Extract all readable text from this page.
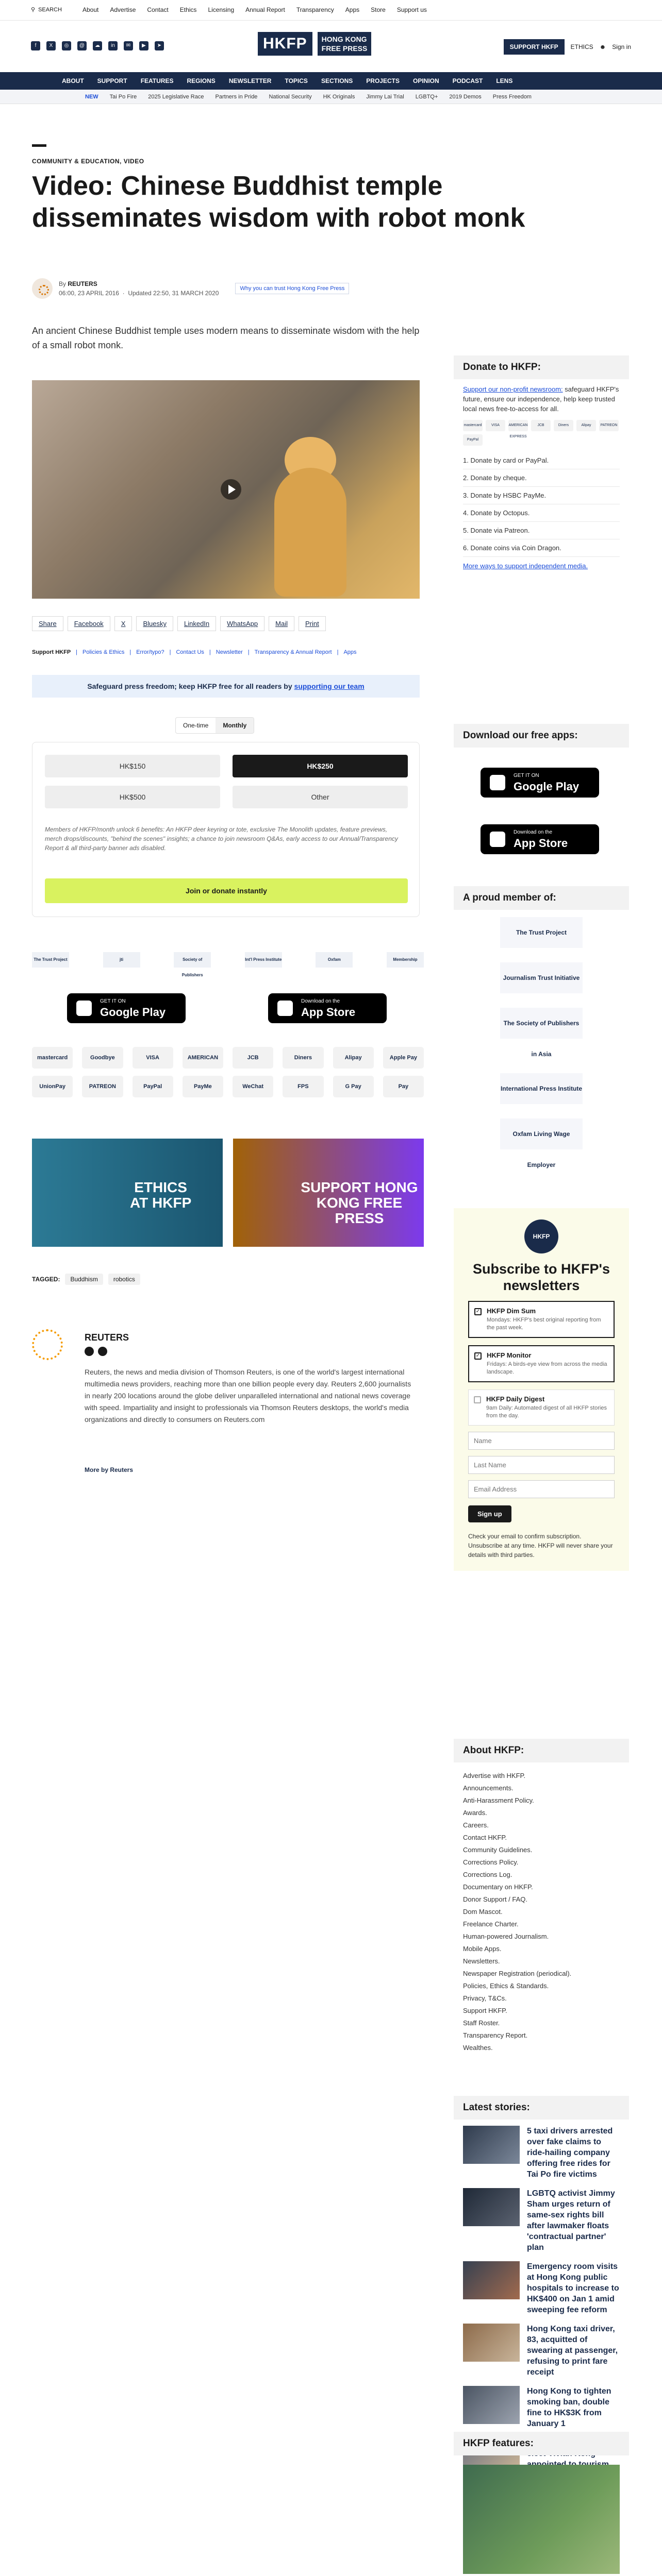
⚲ SEARCH	About Advertise Contact Ethics Licensing Annual Report Transparency Apps Store Support us
f	X	◎	@	☁	in	✉	▶	➤	HKFP	HONG KONG
FREE PRESS	SUPPORT HKFP	ETHICS ☻ Sign in
ABOUT SUPPORT FEATURES REGIONS NEWSLETTER TOPICS SECTIONS PROJECTS OPINION PODCAST LENS
NEW Tai Po Fire 2025 Legislative Race Partners in Pride National Security HK Originals Jimmy Lai Trial LGBTQ+ 2019 Demos Press Freedom
COMMUNITY & EDUCATION, VIDEO
Video: Chinese Buddhist temple disseminates wisdom with robot monk
By REUTERS
06:00, 23 APRIL 2016  ·  Updated 22:50, 31 MARCH 2020
Why you can trust Hong Kong Free Press

An ancient Chinese Buddhist temple uses modern means to disseminate wisdom with the help of a small robot monk.

Share	Facebook	X	Bluesky	LinkedIn	WhatsApp	Mail	Print
Support HKFP | Policies & Ethics | Error/typo? | Contact Us | Newsletter | Transparency & Annual Report | Apps
Safeguard press freedom; keep HKFP free for all readers by supporting our team
One-time	Monthly
HK$150	HK$250
HK$500	Other

Members of HKFP/month unlock 6 benefits: An HKFP deer keyring or tote, exclusive The Monolith updates, feature previews, merch drops/discounts, "behind the scenes" insights; a chance to join newsroom Q&As, early access to our Annual/Transparency Report & all third-party banner ads disabled.

Join or donate instantly
The Trust Project	jti	Society of Publishers
Int'l Press Institute	Oxfam	Membership
GET IT ON
Google Play
Download on the
App Store
mastercard	Goodbye	VISA	AMERICAN	JCB	Diners	Alipay	Apple Pay
UnionPay	PATREON	PayPal	PayMe	WeChat	FPS	G Pay	Pay
ETHICS
AT HKFP
SUPPORT HONG
KONG FREE PRESS
TAGGED:	Buddhism	robotics
REUTERS

Reuters, the news and media division of Thomson Reuters, is one of the world's largest international multimedia news providers, reaching more than one billion people every day. Reuters 2,600 journalists in nearly 200 locations around the globe deliver unparalleled international and national news coverage with speed. Impartiality and insight to professionals via Thomson Reuters desktops, the world's media organizations and directly to consumers on Reuters.com

More by Reuters
Donate to HKFP:
Support our non-profit newsroom: safeguard HKFP's future, ensure our independence, help keep trusted local news free-to-access for all.
mastercard	VISA	AMERICAN EXPRESS
JCB	Diners	Alipay	PATREON
PayPal
1. Donate by card or PayPal.
2. Donate by cheque.
3. Donate by HSBC PayMe.
4. Donate by Octopus.
5. Donate via Patreon.
6. Donate coins via Coin Dragon.
More ways to support independent media.
Download our free apps:
GET IT ON
Google Play
Download on the
App Store
A proud member of:
The Trust Project
Journalism Trust Initiative
The Society of Publishers in Asia
International Press Institute
Oxfam Living Wage Employer
HKFP
Subscribe to HKFP's newsletters
✓ HKFP Dim Sum
Mondays: HKFP's best original reporting from the past week.
✓ HKFP Monitor
Fridays: A birds-eye view from across the media landscape.
HKFP Daily Digest
9am Daily: Automated digest of all HKFP stories from the day.
Name
Last Name
Email Address Sign up

Check your email to confirm subscription. Unsubscribe at any time. HKFP will never share your details with third parties.

About HKFP:
Advertise with HKFP.
Announcements.
Anti-Harassment Policy.
Awards.
Careers.
Contact HKFP.
Community Guidelines.
Corrections Policy.
Corrections Log.
Documentary on HKFP.
Donor Support / FAQ.
Dom Mascot.
Freelance Charter.
Human-powered Journalism.
Mobile Apps.
Newsletters.
Newspaper Registration (periodical).
Policies, Ethics & Standards.
Privacy, T&Cs.
Support HKFP.
Staff Roster.
Transparency Report.
Wealthes.
Latest stories:
5 taxi drivers arrested over fake claims to ride-hailing company offering free rides for Tai Po fire victims
LGBTQ activist Jimmy Sham urges return of same-sex rights bill after lawmaker floats 'contractual partner' plan
Emergency room visits at Hong Kong public hospitals to increase to HK$400 on Jan 1 amid sweeping fee reform
Hong Kong taxi driver, 83, acquitted of swearing at passenger, refusing to print fare receipt
Hong Kong to tighten smoking ban, double fine to HK$3K from January 1
HKFP features:
